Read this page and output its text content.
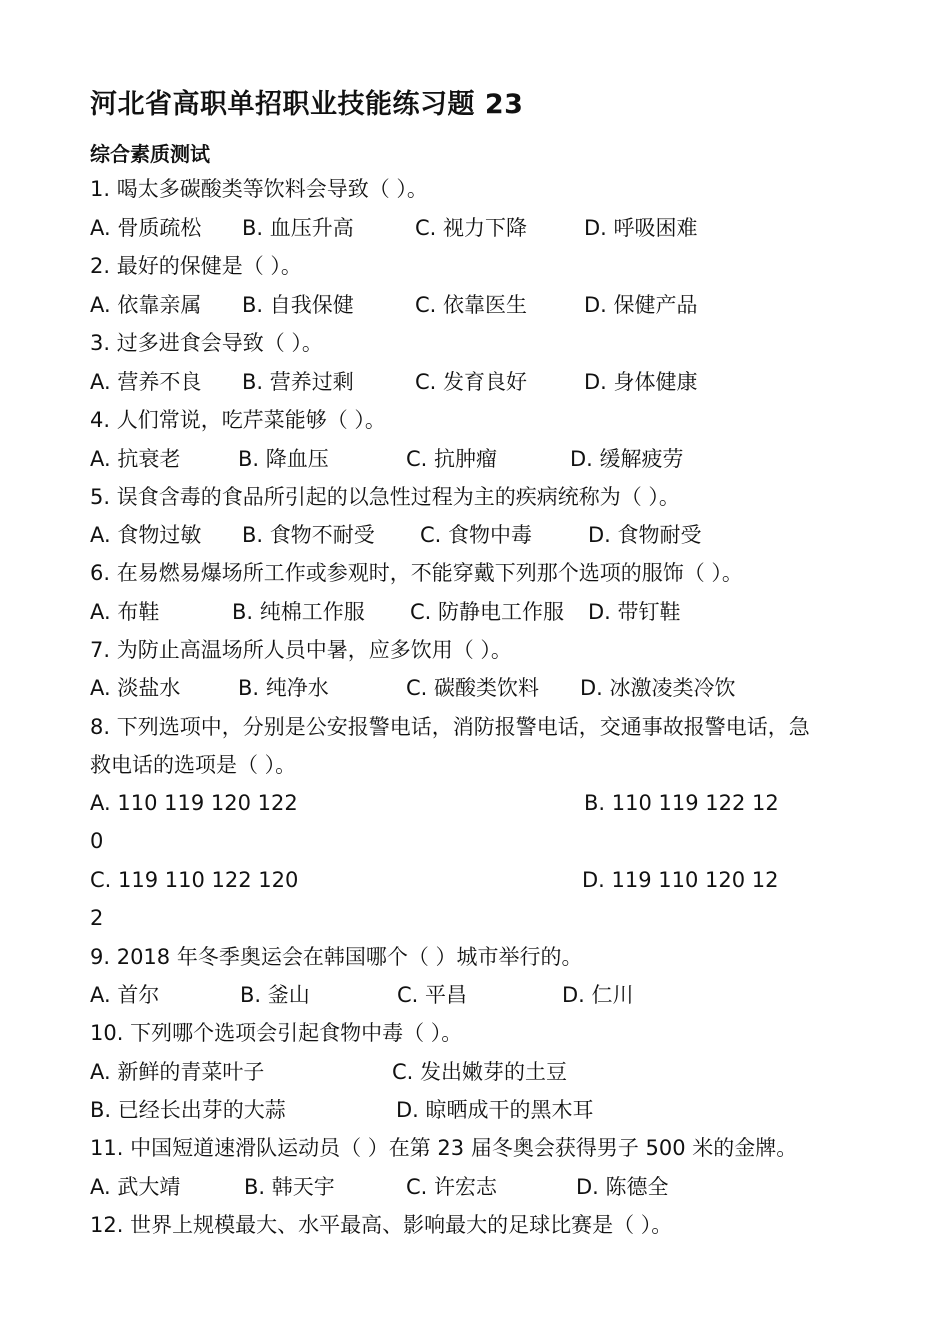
河北省高职单招职业技能练习题 23
综合素质测试
1. 喝太多碳酸类等饮料会导致（ ）。
A. 骨质疏松 B. 血压升高	C. 视力下降	D. 呼吸困难
2. 最好的保健是（ ）。
A. 依靠亲属 B. 自我保健	C. 依靠医生	D. 保健产品
3. 过多进食会导致（ ）。
A. 营养不良 B. 营养过剩	C. 发育良好	D. 身体健康
4. 人们常说，吃芹菜能够（ ）。
A. 抗衰老	B. 降血压	C. 抗肿瘤	D. 缓解疲劳
5. 误食含毒的食品所引起的以急性过程为主的疾病统称为（ ）。
A. 食物过敏 B. 食物不耐受 C. 食物中毒	D. 食物耐受
6. 在易燃易爆场所工作或参观时，不能穿戴下列那个选项的服饰（ ）。
A. 布鞋	B. 纯棉工作服 C. 防静电工作服 D. 带钉鞋
7. 为防止高温场所人员中暑，应多饮用（ ）。
A. 淡盐水	B. 纯净水	C. 碳酸类饮料 D. 冰激凌类冷饮
8. 下列选项中，分别是公安报警电话，消防报警电话，交通事故报警电话，急
救电话的选项是（ ）。
A. 110 119 120 122	B. 110 119 122 12
0
C. 119 110 122 120	D. 119 110 120 12
2
9. 2018 年冬季奥运会在韩国哪个（ ）城市举行的。
A. 首尔	B. 釜山	C. 平昌	D. 仁川
10. 下列哪个选项会引起食物中毒（ ）。
A. 新鲜的青菜叶子	C. 发出嫩芽的土豆
B. 已经长出芽的大蒜	D. 晾晒成干的黑木耳
11. 中国短道速滑队运动员（ ）在第 23 届冬奥会获得男子 500 米的金牌。
A. 武大靖	B. 韩天宇	C. 许宏志	D. 陈德全
12. 世界上规模最大、水平最高、影响最大的足球比赛是（ ）。
